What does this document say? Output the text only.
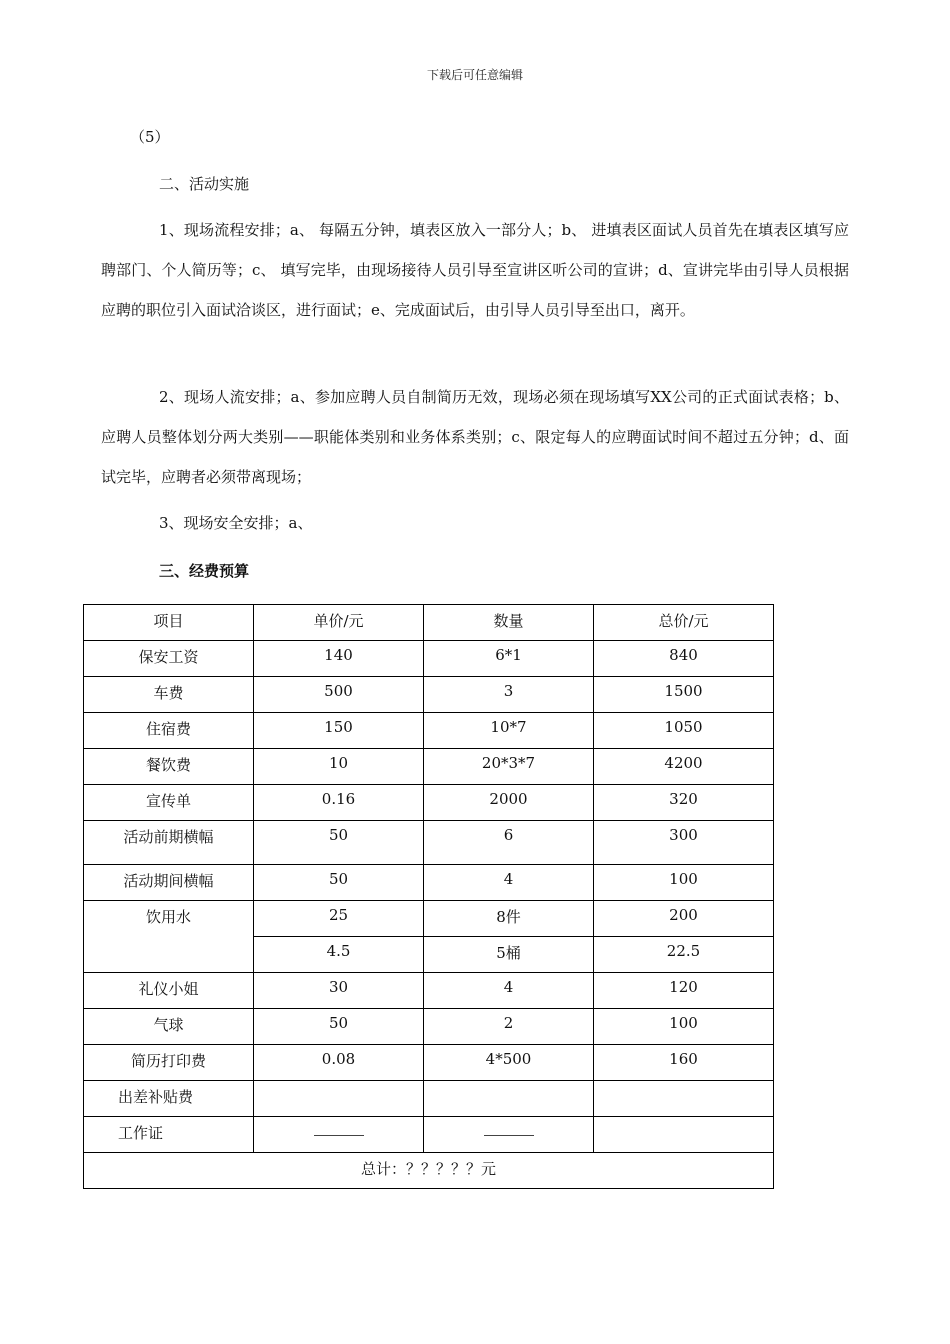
下载后可任意编辑
（5）
二、活动实施
1、现场流程安排；a、 每隔五分钟，填表区放入一部分人；b、 进填表区面试人员首先在填表区填写应聘部门、个人简历等；c、 填写完毕，由现场接待人员引导至宣讲区听公司的宣讲；d、宣讲完毕由引导人员根据应聘的职位引入面试洽谈区，进行面试；e、完成面试后，由引导人员引导至出口，离开。
2、现场人流安排；a、参加应聘人员自制简历无效，现场必须在现场填写XX公司的正式面试表格；b、应聘人员整体划分两大类别——职能体类别和业务体系类别；c、限定每人的应聘面试时间不超过五分钟；d、面试完毕，应聘者必须带离现场；
3、现场安全安排；a、
三、经费预算
项目	单价/元	数量	总价/元
保安工资	140	6*1	840
车费	500	3	1500
住宿费	150	10*7	1050
餐饮费	10	20*3*7	4200
宣传单	0.16	2000	320
活动前期横幅	50	6	300
活动期间横幅	50	4	100
饮用水	25	8件	200
	4.5	5桶	22.5
礼仪小姐	30	4	120
气球	50	2	100
简历打印费	0.08	4*500	160
出差补贴费			
工作证			
总计：？？？？？元			
